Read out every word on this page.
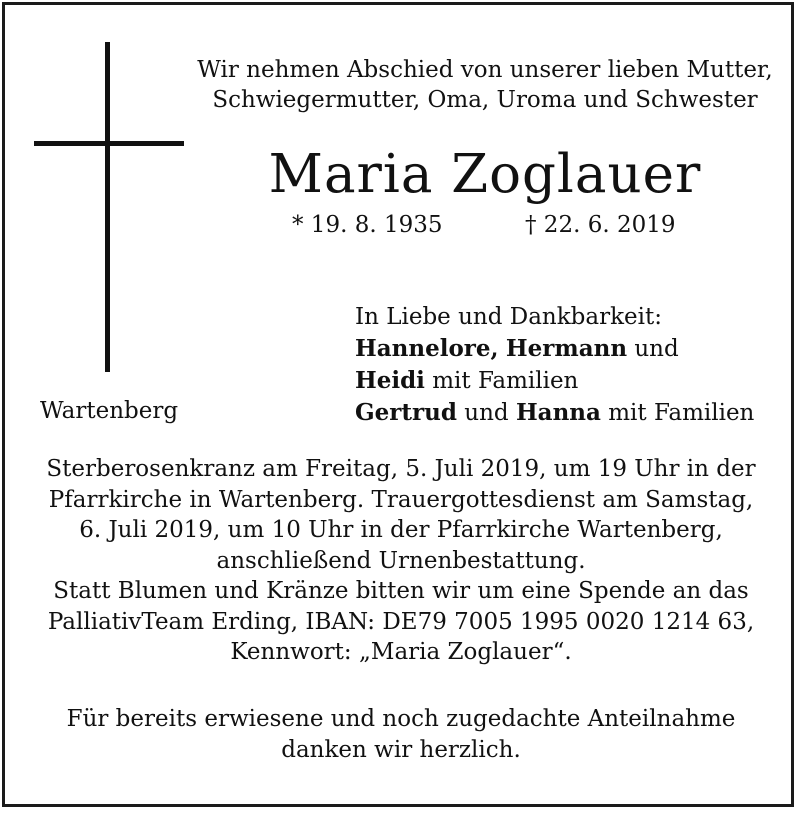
Wir nehmen Abschied von unserer lieben Mutter,
Schwiegermutter, Oma, Uroma und Schwester
Maria Zoglauer
* 19. 8. 1935	† 22. 6. 2019
In Liebe und Dankbarkeit:
Hannelore, Hermann und
Heidi mit Familien
Gertrud und Hanna mit Familien
Wartenberg
Sterberosenkranz am Freitag, 5. Juli 2019, um 19 Uhr in der
Pfarrkirche in Wartenberg. Trauergottesdienst am Samstag,
6. Juli 2019, um 10 Uhr in der Pfarrkirche Wartenberg,
anschließend Urnenbestattung.
Statt Blumen und Kränze bitten wir um eine Spende an das
PalliativTeam Erding, IBAN: DE79 7005 1995 0020 1214 63,
Kennwort: „Maria Zoglauer“.
Für bereits erwiesene und noch zugedachte Anteilnahme
danken wir herzlich.
